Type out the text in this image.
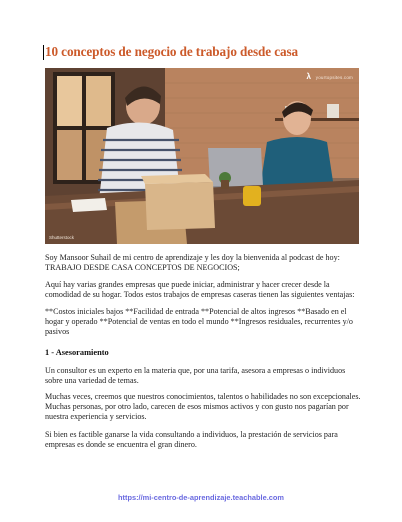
10 conceptos de negocio de trabajo desde casa
λ yourtopsites.com
Shutterstock
Soy Mansoor Suhail de mi centro de aprendizaje y les doy la bienvenida al podcast de hoy: TRABAJO DESDE CASA CONCEPTOS DE NEGOCIOS;
Aquí hay varias grandes empresas que puede iniciar, administrar y hacer crecer desde la comodidad de su hogar. Todos estos trabajos de empresas caseras tienen las siguientes ventajas:
**Costos iniciales bajos **Facilidad de entrada **Potencial de altos ingresos **Basado en el hogar y operado **Potencial de ventas en todo el mundo **Ingresos residuales, recurrentes y/o pasivos
1 - Asesoramiento
Un consultor es un experto en la materia que, por una tarifa, asesora a empresas o individuos sobre una variedad de temas.
Muchas veces, creemos que nuestros conocimientos, talentos o habilidades no son excepcionales. Muchas personas, por otro lado, carecen de esos mismos activos y con gusto nos pagarían por nuestra experiencia y servicios.
Si bien es factible ganarse la vida consultando a individuos, la prestación de servicios para empresas es donde se encuentra el gran dinero.
https://mi-centro-de-aprendizaje.teachable.com
